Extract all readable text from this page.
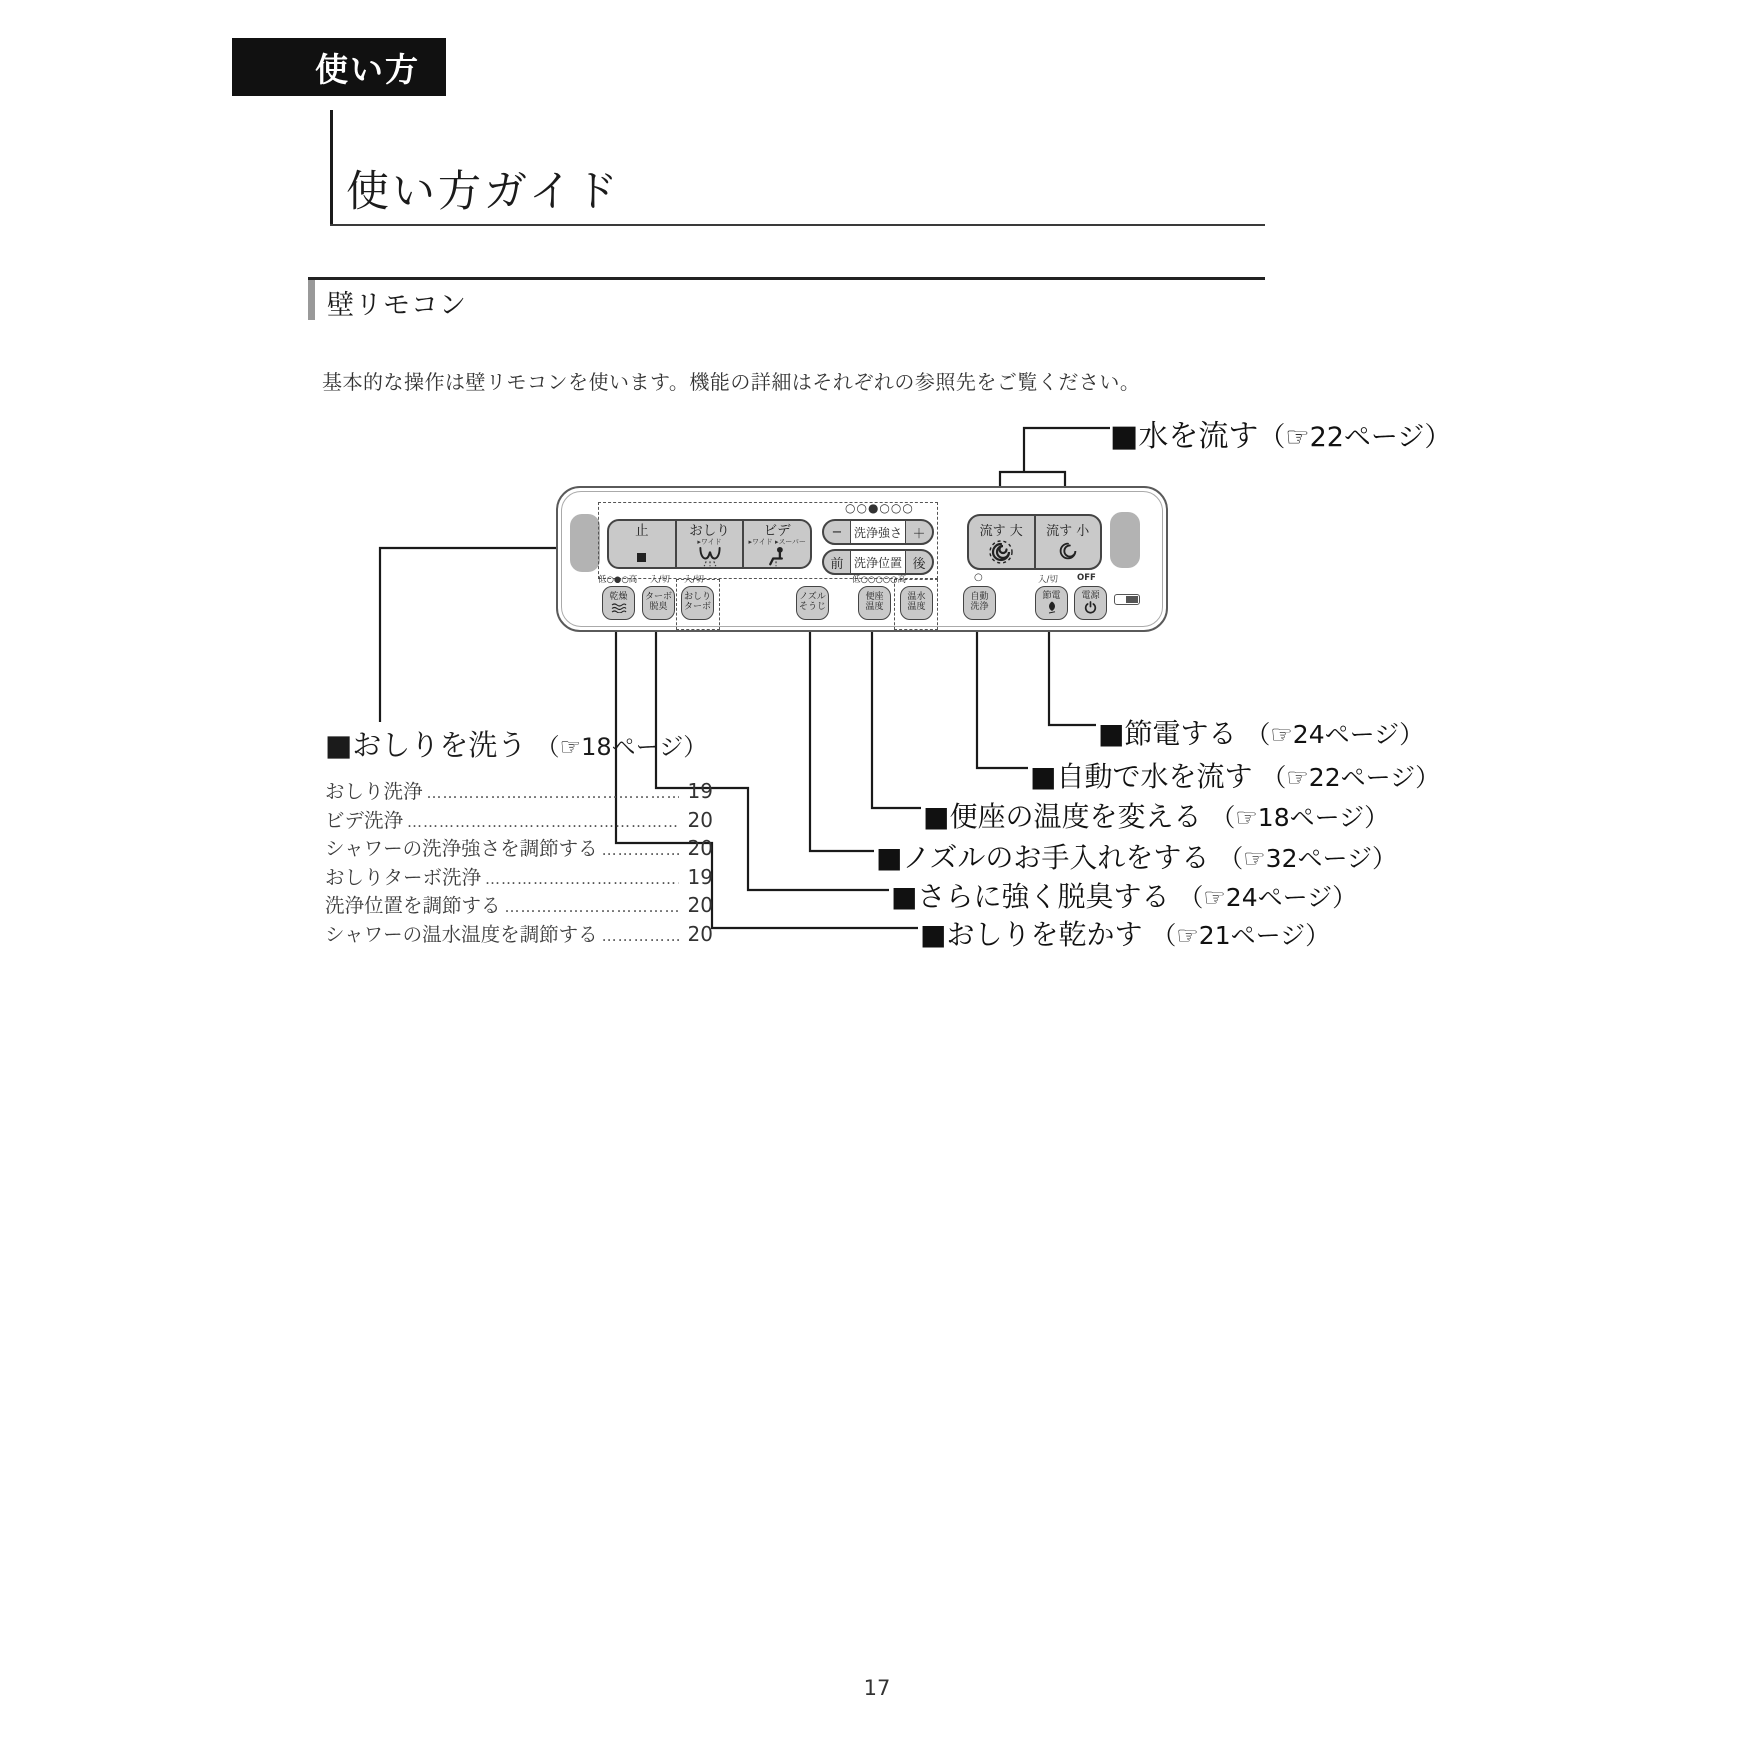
使い方
使い方ガイド
壁リモコン

基本的な操作は壁リモコンを使います。機能の詳細はそれぞれの参照先をご覧ください。

○○●○○○
止	おしり
▸ワイド
ビデ
▸ワイド ▸スーパー
− 洗浄強さ ＋
前 洗浄位置 後
流す 大 流す 小
低○●○高 入/切 入/切	低○○○○○高	○	入/切 OFF
乾燥 ターボ
脱臭
おしり
ターボ
ノズル
そうじ
便座
温度
温水
温度
自動
洗浄
節電 電源
■水を流す（☞22ページ）
■節電する （☞24ページ）
■自動で水を流す （☞22ページ）
■便座の温度を変える （☞18ページ）
■ノズルのお手入れをする （☞32ページ）
■さらに強く脱臭する （☞24ページ）
■おしりを乾かす （☞21ページ）
■おしりを洗う （☞18ページ）
おしり洗浄 …………………………………………………………………	19
ビデ洗浄 …………………………………………………………………	20
シャワーの洗浄強さを調節する …………………………………………………………………	20
おしりターボ洗浄 …………………………………………………………………	19
洗浄位置を調節する …………………………………………………………………	20
シャワーの温水温度を調節する …………………………………………………………………	20
17
